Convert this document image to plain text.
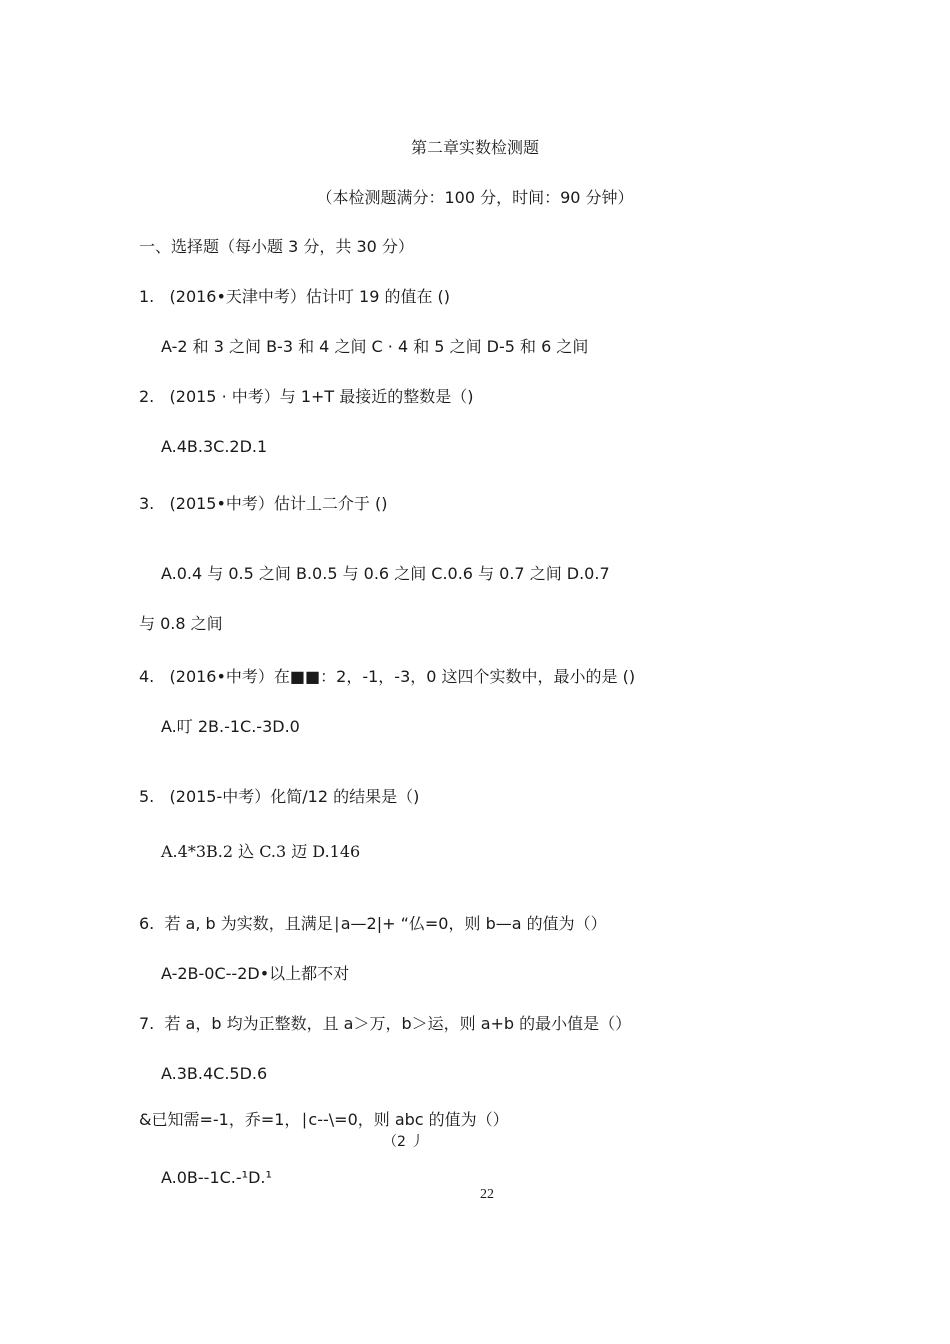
第二章实数检测题
（本检测题满分：100 分，时间：90 分钟）
一、选择题（每小题 3 分，共 30 分）
1.   (2016•天津中考）估计叮 19 的值在 ()
A-2 和 3 之间 B-3 和 4 之间 C · 4 和 5 之间 D-5 和 6 之间
2.   (2015 · 中考）与 1+T 最接近的整数是（)
A.4B.3C.2D.1
3.   (2015•中考）估计丄二介于 ()
A.0.4 与 0.5 之间 B.0.5 与 0.6 之间 C.0.6 与 0.7 之间 D.0.7
与 0.8 之间
4.   (2016•中考）在■■：2，-1，-3，0 这四个实数中，最小的是 ()
A.叮 2B.-1C.-3D.0
5.   (2015-中考）化简/12 的结果是（)
A.4*3B.2 込 C.3 迈 D.146
6.  若 a, b 为实数，且满足∣a—2|+ “仏=0，则 b—a 的值为（）
A-2B-0C--2D•以上都不对
7.  若 a，b 均为正整数，且 a＞万，b＞运，则 a+b 的最小值是（）
A.3B.4C.5D.6
&已知需=-1，乔=1，∣c--\=0，则 abc 的值为（）
（2 丿
A.0B--1C.-¹D.¹
22
